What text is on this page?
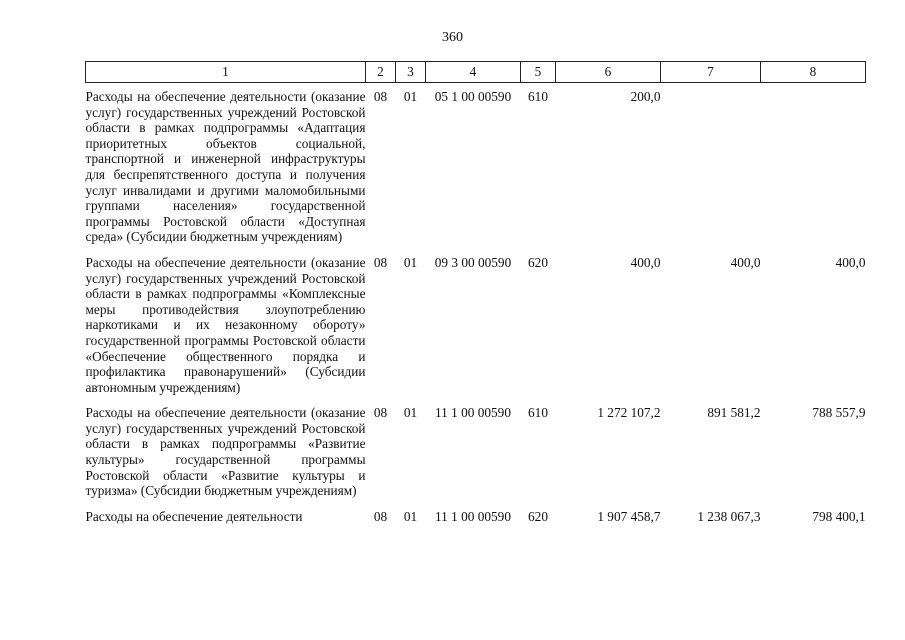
360
1	2	3	4	5	6	7	8
Расходы на обеспечение деятельности (оказание услуг) государственных учреждений Ростовской области в рамках подпрограммы «Адаптация приоритетных объектов социальной, транспортной и инженерной инфраструктуры для беспрепятственного доступа и получения услуг инвалидами и другими маломобильными группами населения» государственной программы Ростовской области «Доступная среда» (Субсидии бюджетным учреждениям)	08	01	05 1 00 00590	610	200,0		
Расходы на обеспечение деятельности (оказание услуг) государственных учреждений Ростовской области в рамках подпрограммы «Комплексные меры противодействия злоупотреблению наркотиками и их незаконному обороту» государственной программы Ростовской области «Обеспечение общественного порядка и профилактика правонарушений» (Субсидии автономным учреждениям)	08	01	09 3 00 00590	620	400,0	400,0	400,0
Расходы на обеспечение деятельности (оказание услуг) государственных учреждений Ростовской области в рамках подпрограммы «Развитие культуры» государственной программы Ростовской области «Развитие культуры и туризма» (Субсидии бюджетным учреждениям)	08	01	11 1 00 00590	610	1 272 107,2	891 581,2	788 557,9
Расходы на обеспечение деятельности	08	01	11 1 00 00590	620	1 907 458,7	1 238 067,3	798 400,1
